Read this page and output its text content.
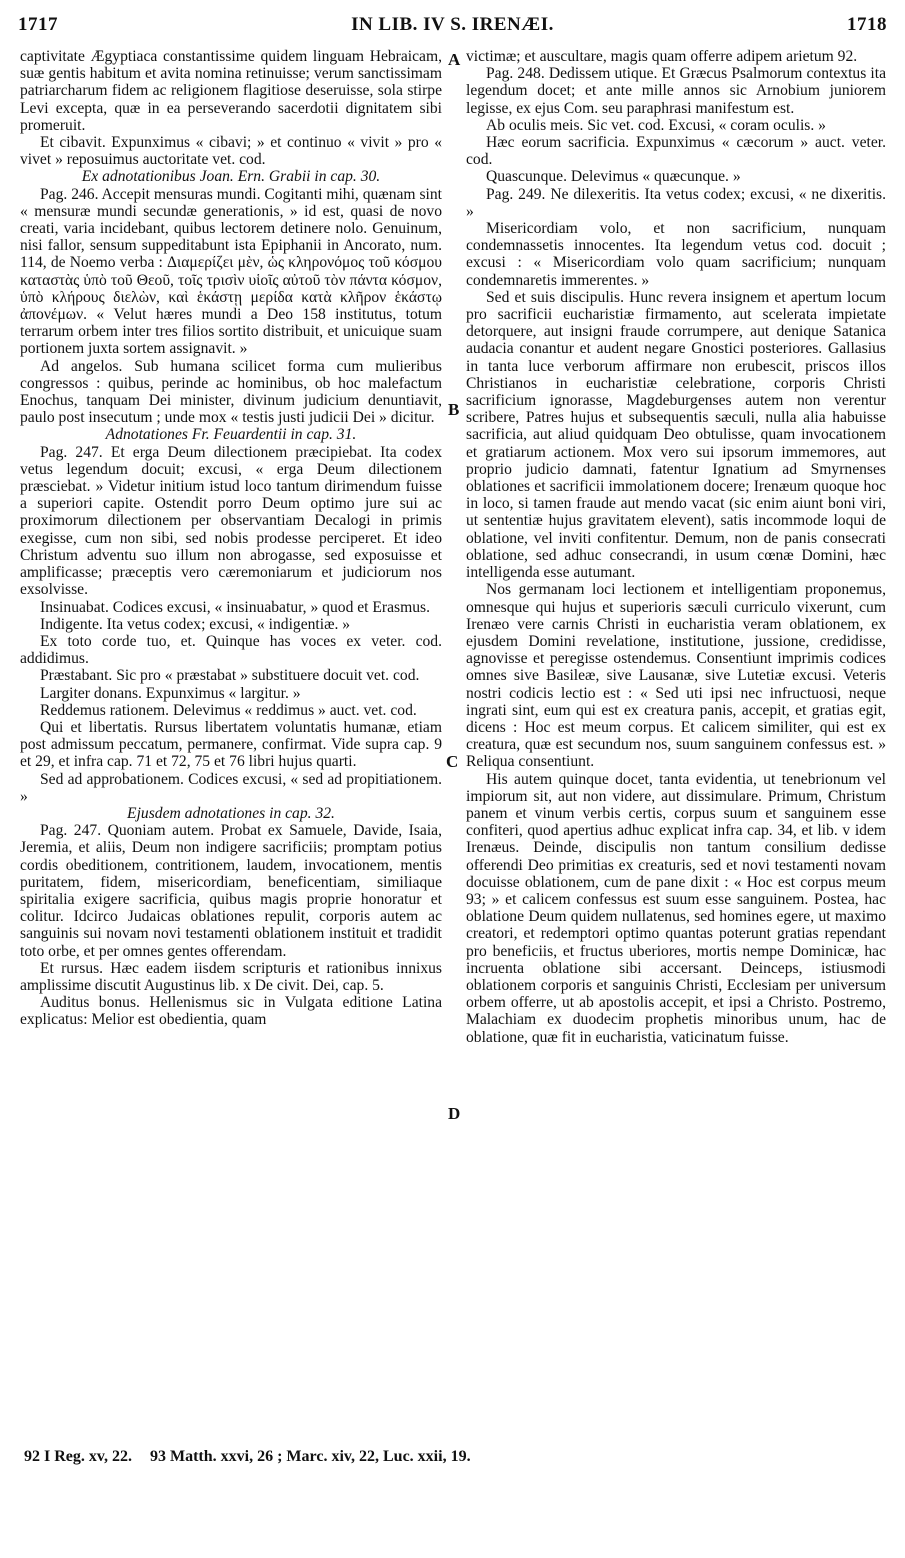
1717	IN LIB. IV S. IRENÆI.	1718

captivitate Ægyptiaca constantissime quidem linguam Hebraicam, suæ gentis habitum et avita nomina retinuisse; verum sanctissimam patriarcharum fidem ac religionem flagitiose deseruisse, sola stirpe Levi excepta, quæ in ea perseverando sacerdotii dignitatem sibi promeruit.

Et cibavit. Expunximus « cibavi; » et continuo « vivit » pro « vivet » reposuimus auctoritate vet. cod.

Ex adnotationibus Joan. Ern. Grabii in cap. 30.

Pag. 246. Accepit mensuras mundi. Cogitanti mihi, quænam sint « mensuræ mundi secundæ generationis, » id est, quasi de novo creati, varia incidebant, quibus lectorem detinere nolo. Genuinum, nisi fallor, sensum suppeditabunt ista Epiphanii in Ancorato, num. 114, de Noemo verba : Διαμερίζει μὲν, ὡς κληρονόμος τοῦ κόσμου καταστὰς ὑπὸ τοῦ Θεοῦ, τοῖς τρισὶν υἱοῖς αὐτοῦ τὸν πάντα κόσμον, ὑπὸ κλήρους διελὼν, καὶ ἑκάστῃ μερίδα κατὰ κλῆρον ἑκάστῳ ἀπονέμων. « Velut hæres mundi a Deo 158 institutus, totum terrarum orbem inter tres filios sortito distribuit, et unicuique suam portionem juxta sortem assignavit. »

Ad angelos. Sub humana scilicet forma cum mulieribus congressos : quibus, perinde ac hominibus, ob hoc malefactum Enochus, tanquam Dei minister, divinum judicium denuntiavit, paulo post insecutum ; unde mox « testis justi judicii Dei » dicitur.

Adnotationes Fr. Feuardentii in cap. 31.

Pag. 247. Et erga Deum dilectionem præcipiebat. Ita codex vetus legendum docuit; excusi, « erga Deum dilectionem præsciebat. » Videtur initium istud loco tantum dirimendum fuisse a superiori capite. Ostendit porro Deum optimo jure sui ac proximorum dilectionem per observantiam Decalogi in primis exegisse, cum non sibi, sed nobis prodesse perciperet. Et ideo Christum adventu suo illum non abrogasse, sed exposuisse et amplificasse; præceptis vero cæremoniarum et judiciorum nos exsolvisse.

Insinuabat. Codices excusi, « insinuabatur, » quod et Erasmus.

Indigente. Ita vetus codex; excusi, « indigentiæ. »

Ex toto corde tuo, et. Quinque has voces ex veter. cod. addidimus.

Præstabant. Sic pro « præstabat » substituere docuit vet. cod.

Largiter donans. Expunximus « largitur. »

Reddemus rationem. Delevimus « reddimus » auct. vet. cod.

Qui et libertatis. Rursus libertatem voluntatis humanæ, etiam post admissum peccatum, permanere, confirmat. Vide supra cap. 9 et 29, et infra cap. 71 et 72, 75 et 76 libri hujus quarti.

Sed ad approbationem. Codices excusi, « sed ad propitiationem. »

Ejusdem adnotationes in cap. 32.

Pag. 247. Quoniam autem. Probat ex Samuele, Davide, Isaia, Jeremia, et aliis, Deum non indigere sacrificiis; promptam potius cordis obeditionem, contritionem, laudem, invocationem, mentis puritatem, fidem, misericordiam, beneficentiam, similiaque spiritalia exigere sacrificia, quibus magis proprie honoratur et colitur. Idcirco Judaicas oblationes repulit, corporis autem ac sanguinis sui novam novi testamenti oblationem instituit et tradidit toto orbe, et per omnes gentes offerendam.

Et rursus. Hæc eadem iisdem scripturis et rationibus innixus amplissime discutit Augustinus lib. x De civit. Dei, cap. 5.

Auditus bonus. Hellenismus sic in Vulgata editione Latina explicatus: Melior est obedientia, quam

A
B
C
D

victimæ; et auscultare, magis quam offerre adipem arietum 92.

Pag. 248. Dedissem utique. Et Græcus Psalmorum contextus ita legendum docet; et ante mille annos sic Arnobium juniorem legisse, ex ejus Com. seu paraphrasi manifestum est.

Ab oculis meis. Sic vet. cod. Excusi, « coram oculis. »

Hæc eorum sacrificia. Expunximus « cæcorum » auct. veter. cod.

Quascunque. Delevimus « quæcunque. »

Pag. 249. Ne dilexeritis. Ita vetus codex; excusi, « ne dixeritis. »

Misericordiam volo, et non sacrificium, nunquam condemnassetis innocentes. Ita legendum vetus cod. docuit ; excusi : « Misericordiam volo quam sacrificium; nunquam condemnaretis immerentes. »

Sed et suis discipulis. Hunc revera insignem et apertum locum pro sacrificii eucharistiæ firmamento, aut scelerata impietate detorquere, aut insigni fraude corrumpere, aut denique Satanica audacia conantur et audent negare Gnostici posteriores. Gallasius in tanta luce verborum affirmare non erubescit, priscos illos Christianos in eucharistiæ celebratione, corporis Christi sacrificium ignorasse, Magdeburgenses autem non verentur scribere, Patres hujus et subsequentis sæculi, nulla alia habuisse sacrificia, aut aliud quidquam Deo obtulisse, quam invocationem et gratiarum actionem. Mox vero sui ipsorum immemores, aut proprio judicio damnati, fatentur Ignatium ad Smyrnenses oblationes et sacrificii immolationem docere; Irenæum quoque hoc in loco, si tamen fraude aut mendo vacat (sic enim aiunt boni viri, ut sententiæ hujus gravitatem elevent), satis incommode loqui de oblatione, vel inviti confitentur. Demum, non de panis consecrati oblatione, sed adhuc consecrandi, in usum cœnæ Domini, hæc intelligenda esse autumant.

Nos germanam loci lectionem et intelligentiam proponemus, omnesque qui hujus et superioris sæculi curriculo vixerunt, cum Irenæo vere carnis Christi in eucharistia veram oblationem, ex ejusdem Domini revelatione, institutione, jussione, credidisse, agnovisse et peregisse ostendemus. Consentiunt imprimis codices omnes sive Basileæ, sive Lausanæ, sive Lutetiæ excusi. Veteris nostri codicis lectio est : « Sed uti ipsi nec infructuosi, neque ingrati sint, eum qui est ex creatura panis, accepit, et gratias egit, dicens : Hoc est meum corpus. Et calicem similiter, qui est ex creatura, quæ est secundum nos, suum sanguinem confessus est. » Reliqua consentiunt.

His autem quinque docet, tanta evidentia, ut tenebrionum vel impiorum sit, aut non videre, aut dissimulare. Primum, Christum panem et vinum verbis certis, corpus suum et sanguinem esse confiteri, quod apertius adhuc explicat infra cap. 34, et lib. v idem Irenæus. Deinde, discipulis non tantum consilium dedisse offerendi Deo primitias ex creaturis, sed et novi testamenti novam docuisse oblationem, cum de pane dixit : « Hoc est corpus meum 93; » et calicem confessus est suum esse sanguinem. Postea, hac oblatione Deum quidem nullatenus, sed homines egere, ut maximo creatori, et redemptori optimo quantas poterunt gratias rependant pro beneficiis, et fructus uberiores, mortis nempe Dominicæ, hac incruenta oblatione sibi accersant. Deinceps, istiusmodi oblationem corporis et sanguinis Christi, Ecclesiam per universum orbem offerre, ut ab apostolis accepit, et ipsi a Christo. Postremo, Malachiam ex duodecim prophetis minoribus unum, hac de oblatione, quæ fit in eucharistia, vaticinatum fuisse.

92 I Reg. xv, 22. 93 Matth. xxvi, 26 ; Marc. xiv, 22, Luc. xxii, 19.
